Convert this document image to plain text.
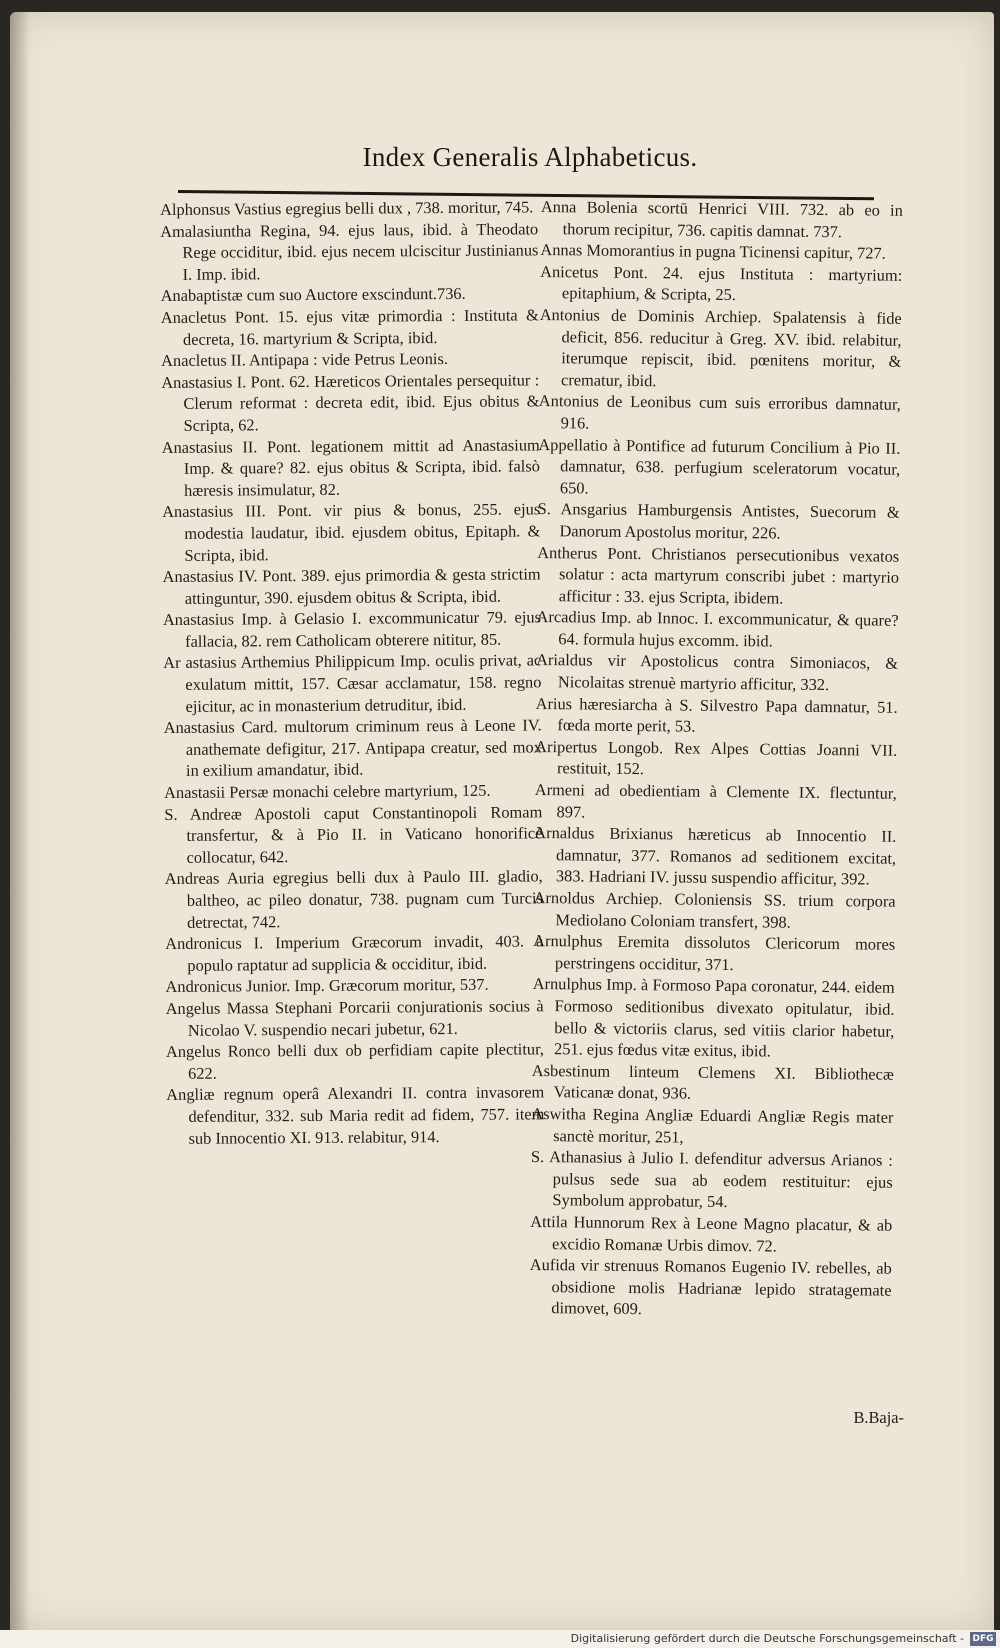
Index Generalis Alphabeticus.

Alphonsus Vastius egregius belli dux , 738. moritur, 745.

Amalasiuntha Regina, 94. ejus laus, ibid. à Theodato Rege occiditur, ibid. ejus necem ulciscitur Justinianus I. Imp. ibid.

Anabaptistæ cum suo Auctore exscindunt.736.

Anacletus Pont. 15. ejus vitæ primordia : Instituta & decreta, 16. martyrium & Scripta, ibid.

Anacletus II. Antipapa : vide Petrus Leonis.

Anastasius I. Pont. 62. Hæreticos Orientales persequitur : Clerum reformat : decreta edit, ibid. Ejus obitus & Scripta, 62.

Anastasius II. Pont. legationem mittit ad Anastasium Imp. & quare? 82. ejus obitus & Scripta, ibid. falsò hæresis insimulatur, 82.

Anastasius III. Pont. vir pius & bonus, 255. ejus modestia laudatur, ibid. ejusdem obitus, Epitaph. & Scripta, ibid.

Anastasius IV. Pont. 389. ejus primordia & gesta strictim attinguntur, 390. ejusdem obitus & Scripta, ibid.

Anastasius Imp. à Gelasio I. excommunicatur 79. ejus fallacia, 82. rem Catholicam obterere nititur, 85.

Ar astasius Arthemius Philippicum Imp. oculis privat, ac exulatum mittit, 157. Cæsar acclamatur, 158. regno ejicitur, ac in monasterium detruditur, ibid.

Anastasius Card. multorum criminum reus à Leone IV. anathemate defigitur, 217. Antipapa creatur, sed mox in exilium amandatur, ibid.

Anastasii Persæ monachi celebre martyrium, 125.

S. Andreæ Apostoli caput Constantinopoli Romam transfertur, & à Pio II. in Vaticano honorificè collocatur, 642.

Andreas Auria egregius belli dux à Paulo III. gladio, baltheo, ac pileo donatur, 738. pugnam cum Turcis detrectat, 742.

Andronicus I. Imperium Græcorum invadit, 403. à populo raptatur ad supplicia & occiditur, ibid.

Andronicus Junior. Imp. Græcorum moritur, 537.

Angelus Massa Stephani Porcarii conjurationis socius à Nicolao V. suspendio necari jubetur, 621.

Angelus Ronco belli dux ob perfidiam capite plectitur, 622.

Angliæ regnum operâ Alexandri II. contra invasorem defenditur, 332. sub Maria redit ad fidem, 757. item sub Innocentio XI. 913. relabitur, 914.

Anna Bolenia scortū Henrici VIII. 732. ab eo in thorum recipitur, 736. capitis damnat. 737.

Annas Momorantius in pugna Ticinensi capitur, 727.

Anicetus Pont. 24. ejus Instituta : martyrium: epitaphium, & Scripta, 25.

Antonius de Dominis Archiep. Spalatensis à fide deficit, 856. reducitur à Greg. XV. ibid. relabitur, iterumque repiscit, ibid. pœnitens moritur, & crematur, ibid.

Antonius de Leonibus cum suis erroribus damnatur, 916.

Appellatio à Pontifice ad futurum Concilium à Pio II. damnatur, 638. perfugium sceleratorum vocatur, 650.

S. Ansgarius Hamburgensis Antistes, Suecorum & Danorum Apostolus moritur, 226.

Antherus Pont. Christianos persecutionibus vexatos solatur : acta martyrum conscribi jubet : martyrio afficitur : 33. ejus Scripta, ibidem.

Arcadius Imp. ab Innoc. I. excommunicatur, & quare? 64. formula hujus excomm. ibid.

Arialdus vir Apostolicus contra Simoniacos, & Nicolaitas strenuè martyrio afficitur, 332.

Arius hæresiarcha à S. Silvestro Papa damnatur, 51. fœda morte perit, 53.

Aripertus Longob. Rex Alpes Cottias Joanni VII. restituit, 152.

Armeni ad obedientiam à Clemente IX. flectuntur, 897.

Arnaldus Brixianus hæreticus ab Innocentio II. damnatur, 377. Romanos ad seditionem excitat, 383. Hadriani IV. jussu suspendio afficitur, 392.

Arnoldus Archiep. Coloniensis SS. trium corpora Mediolano Coloniam transfert, 398.

Arnulphus Eremita dissolutos Clericorum mores perstringens occiditur, 371.

Arnulphus Imp. à Formoso Papa coronatur, 244. eidem Formoso seditionibus divexato opitulatur, ibid. bello & victoriis clarus, sed vitiis clarior habetur, 251. ejus fœdus vitæ exitus, ibid.

Asbestinum linteum Clemens XI. Bibliothecæ Vaticanæ donat, 936.

Aswitha Regina Angliæ Eduardi Angliæ Regis mater sanctè moritur, 251,

S. Athanasius à Julio I. defenditur adversus Arianos : pulsus sede sua ab eodem restituitur: ejus Symbolum approbatur, 54.

Attila Hunnorum Rex à Leone Magno placatur, & ab excidio Romanæ Urbis dimov. 72.

Aufida vir strenuus Romanos Eugenio IV. rebelles, ab obsidione molis Hadrianæ lepido stratagemate dimovet, 609.

B.Baja-
Digitalisierung gefördert durch die Deutsche Forschungsgemeinschaft - DFG
